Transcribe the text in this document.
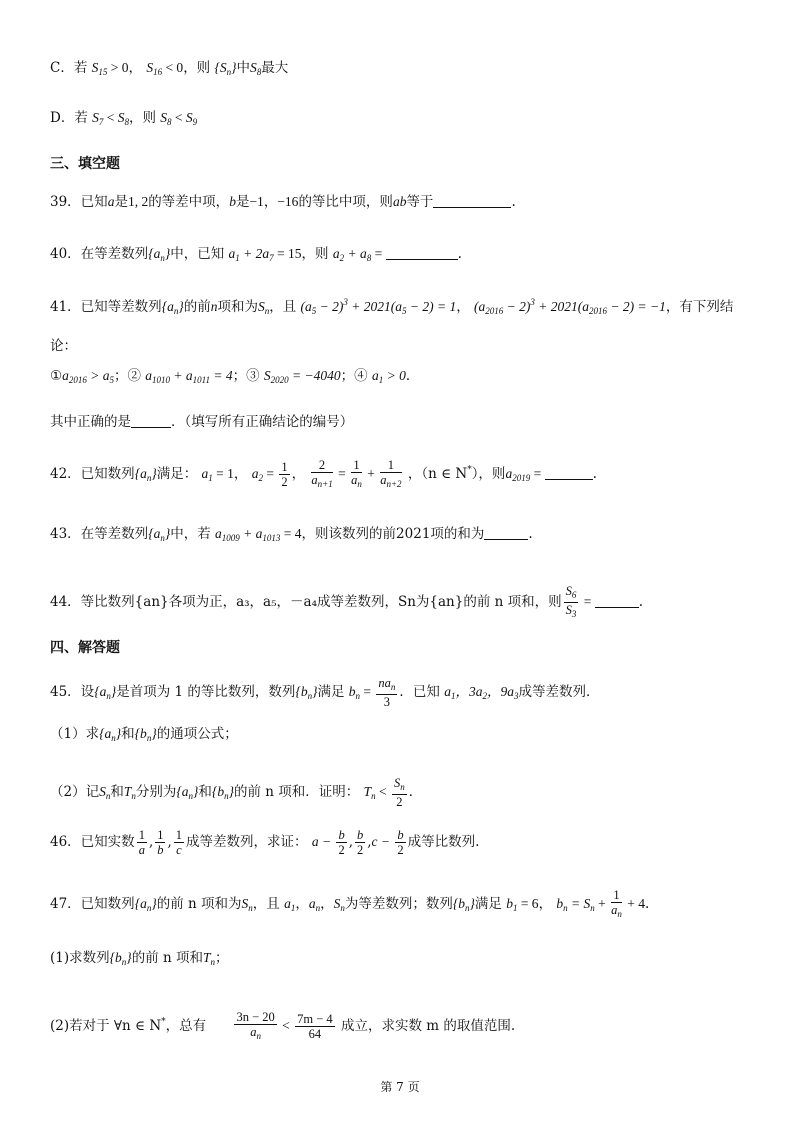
C．若 $S_{15} > 0$， $S_{16} < 0$，则 $\{S_n\}$中$S_8$最大
D．若 $S_7 < S_8$，则 $S_8 < S_9$
三、填空题
39．已知a是1, 2的等差中项，b是−1，−16的等比中项，则ab等于	.
40．在等差数列$\{a_n\}$中，已知 $a_1 + 2a_7 = 15$，则 $a_2 + a_8$ =	.
41．已知等差数列$\{a_n\}$的前n项和为$S_n$，且 $(a_5 - 2)^3 + 2021(a_5 - 2) = 1$， $(a_{2016} - 2)^3 + 2021(a_{2016} - 2) = -1$，有下列结
论：
$①a_{2016} > a_5$；② $a_{1010} + a_{1011} = 4$；③ $S_{2020} = -4040$；④ $a_1 > 0$．
其中正确的是	．（填写所有正确结论的编号）
42．已知数列$\{a_n\}$满足： $a_1 = 1$， $a_2 = \frac{1}{2}$ ， $\frac{2}{a_{n+1}} = \frac{1}{a_n} + \frac{1}{a_{n+2}}$ ，（n ∈ N*），则$a_{2019}$ =	.
43．在等差数列$\{a_n\}$中，若 $a_{1009} + a_{1013} = 4$，则该数列的前2021项的和为	.
44．等比数列{an}各项为正，a₃，a₅，－a₄成等差数列，Sn为{an}的前 n 项和，则 $\frac{S_6}{S_3}$ =	.
四、解答题
45．设$\{a_n\}$是首项为 1 的等比数列，数列$\{b_n\}$满足 $b_n = \frac{na_n}{3}$ ．已知 $a_1$，$3a_2$，$9a_3$成等差数列．
（1）求$\{a_n\}$和$\{b_n\}$的通项公式；
（2）记$S_n$和$T_n$分别为$\{a_n\}$和$\{b_n\}$的前 n 项和．证明： $T_n < \frac{S_n}{2}$ ．
46．已知实数 $\frac{1}{a}$ , $\frac{1}{b}$ , $\frac{1}{c}$ 成等差数列，求证： $a - \frac{b}{2}$ , $\frac{b}{2} ,c - \frac{b}{2}$ 成等比数列.
47．已知数列$\{a_n\}$的前 n 项和为$S_n$，且 $a_1$，$a_n$，$S_n$为等差数列；数列$\{b_n\}$满足 $b_1 = 6$， $b_n = S_n + \frac{1}{a_n} + 4$.
(1)求数列$\{b_n\}$的前 n 项和$T_n$；
(2)若对于 ∀n ∈ N*，总有 $\frac{3n - 20}{a_n} < \frac{7m - 4}{64}$ 成立，求实数 m 的取值范围.
第 7 页
